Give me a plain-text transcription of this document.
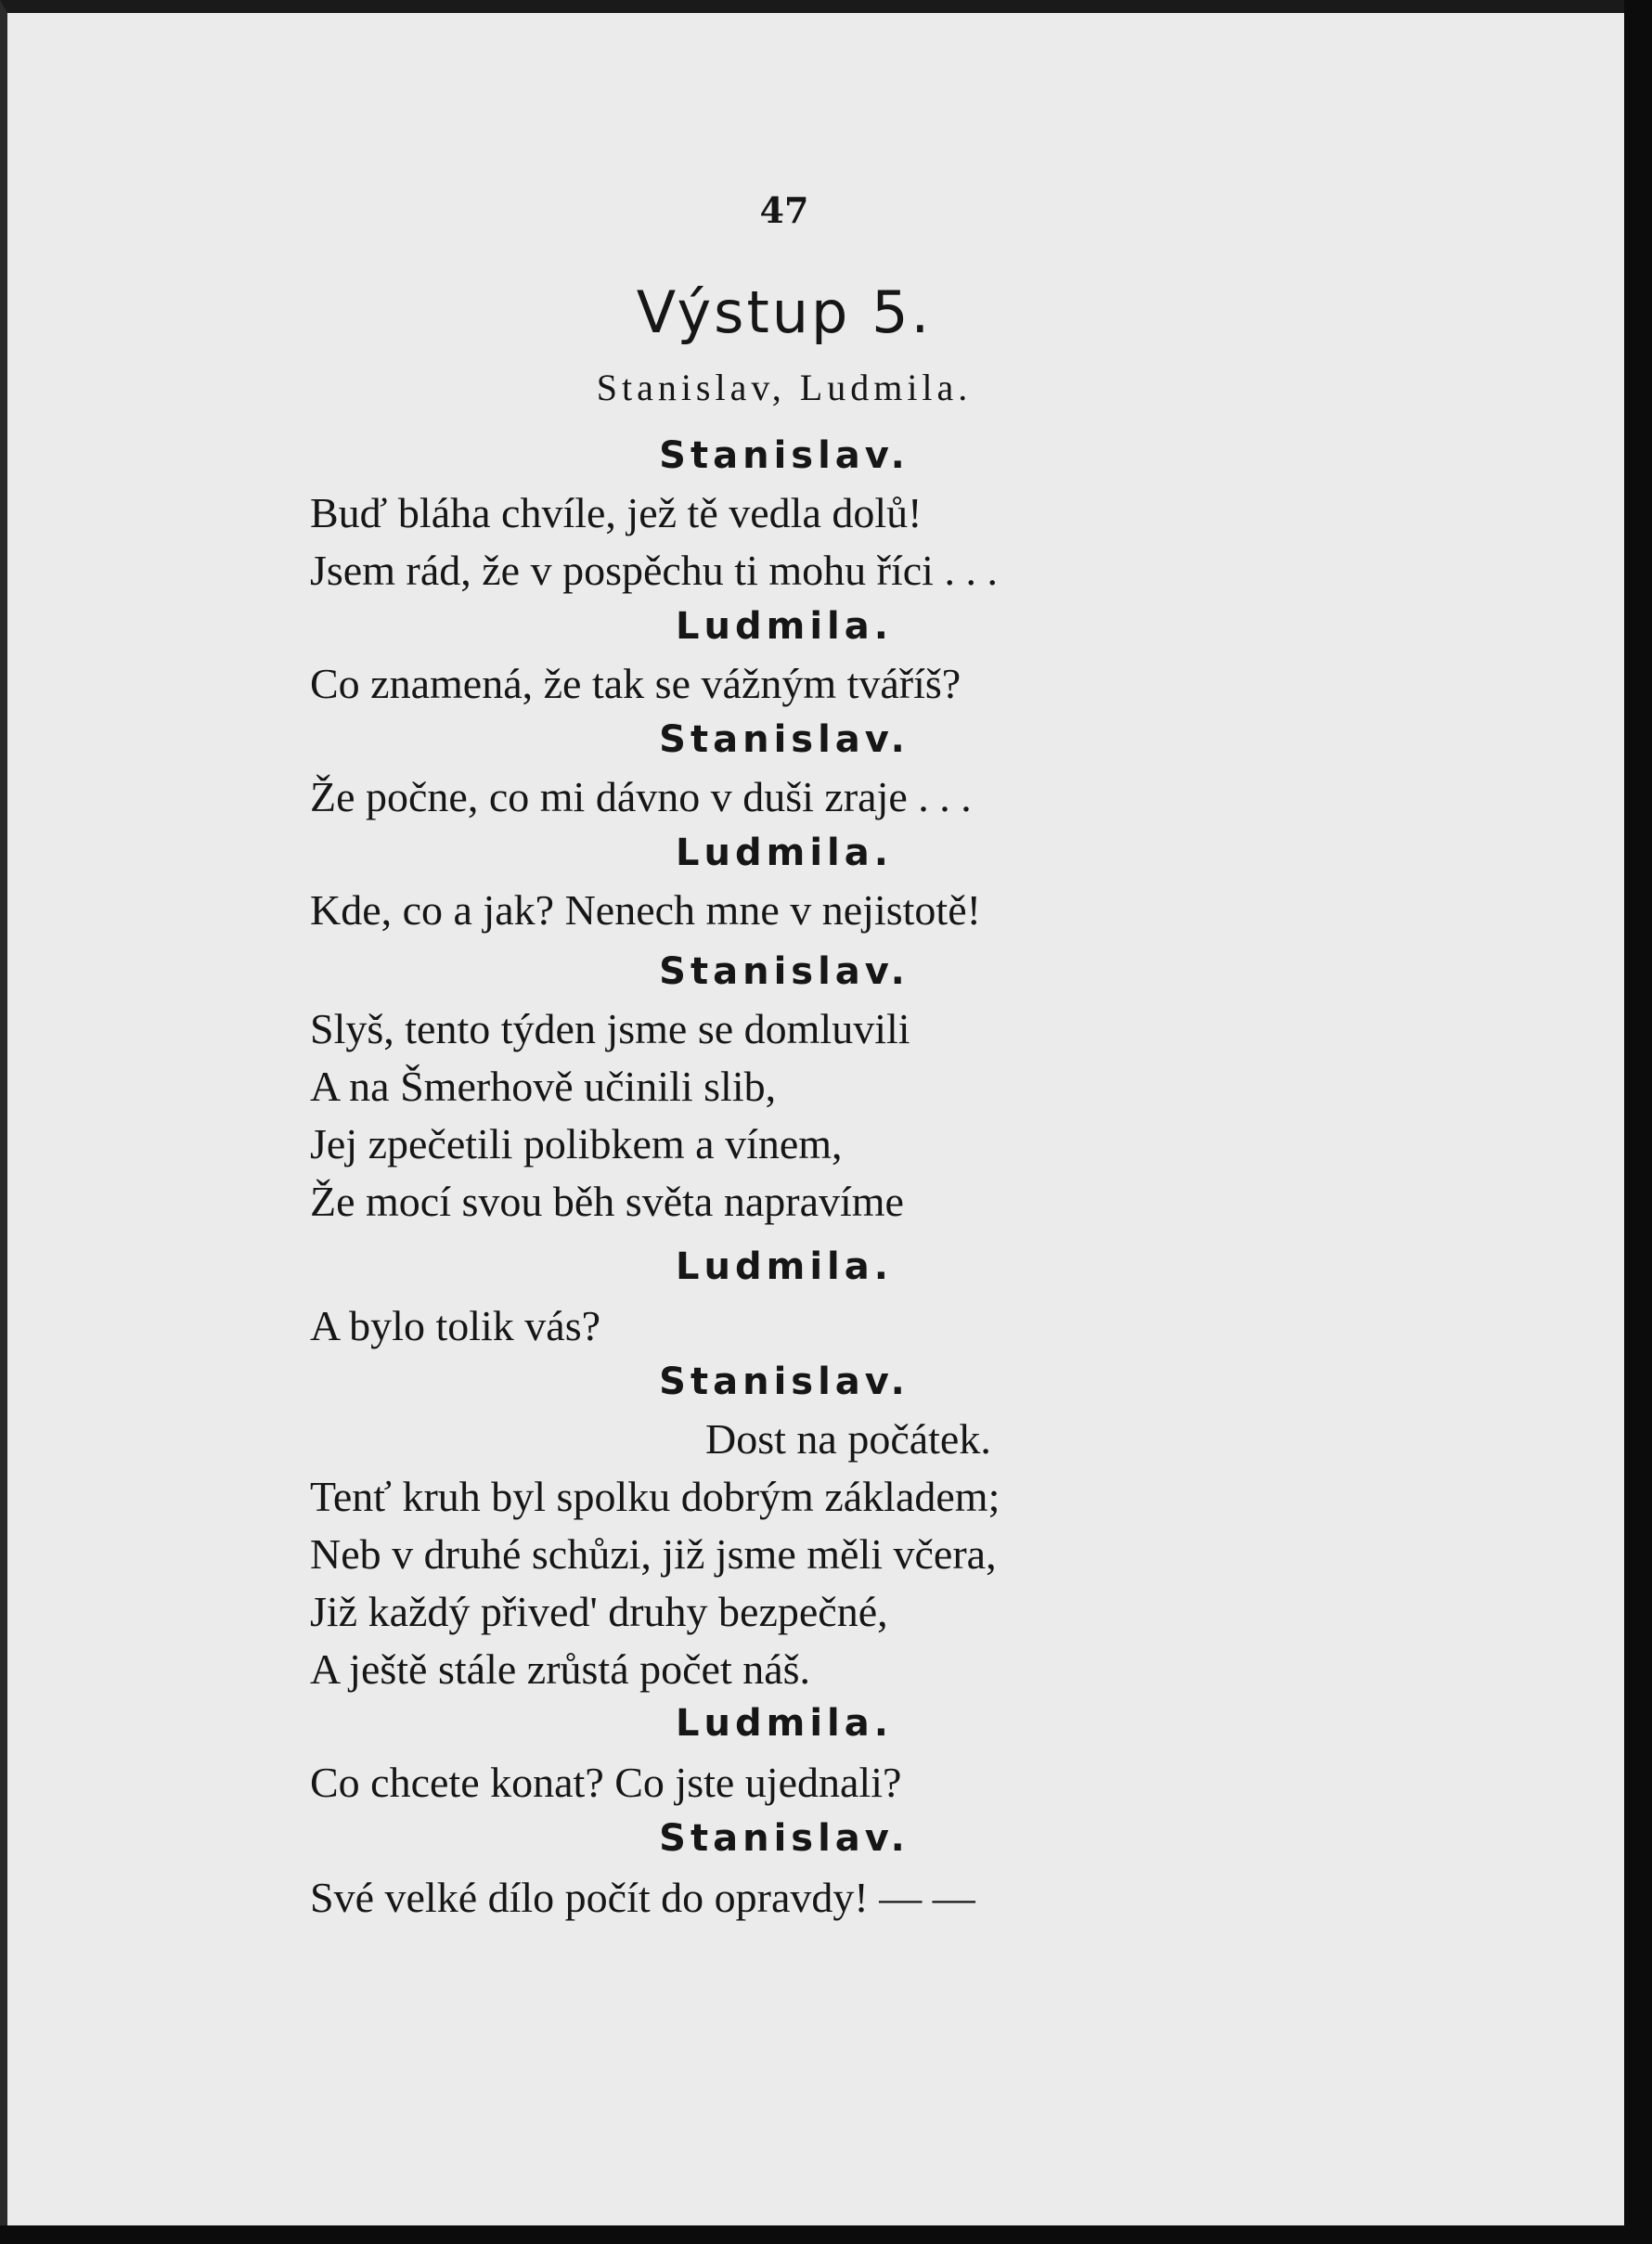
47
Výstup 5.
Stanislav, Ludmila.
Stanislav.
Buď bláha chvíle, jež tě vedla dolů!
Jsem rád, že v pospěchu ti mohu říci . . .
Ludmila.
Co znamená, že tak se vážným tváříš?
Stanislav.
Že počne, co mi dávno v duši zraje . . .
Ludmila.
Kde, co a jak? Nenech mne v nejistotě!
Stanislav.
Slyš, tento týden jsme se domluvili
A na Šmerhově učinili slib,
Jej zpečetili polibkem a vínem,
Že mocí svou běh světa napravíme
Ludmila.
A bylo tolik vás?
Stanislav.
Dost na počátek.
Tenť kruh byl spolku dobrým základem;
Neb v druhé schůzi, již jsme měli včera,
Již každý přived' druhy bezpečné,
A ještě stále zrůstá počet náš.
Ludmila.
Co chcete konat? Co jste ujednali?
Stanislav.
Své velké dílo počít do opravdy! — —
